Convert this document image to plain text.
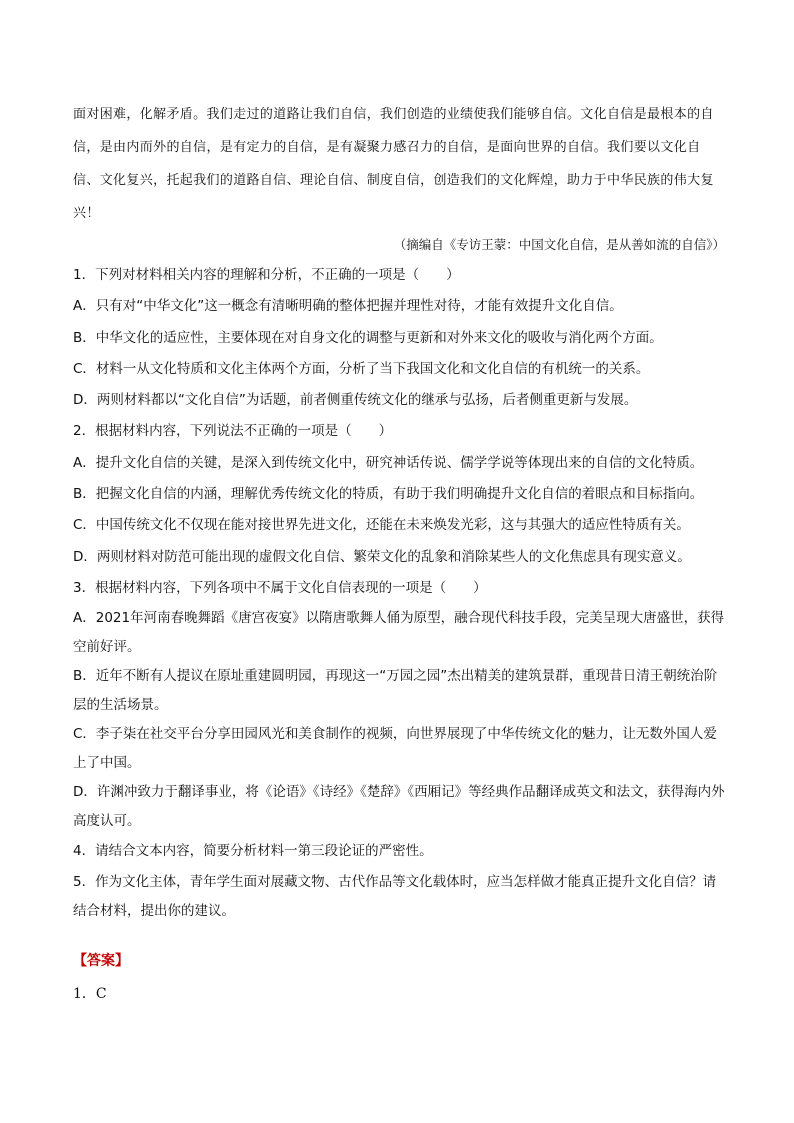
面对困难，化解矛盾。我们走过的道路让我们自信，我们创造的业绩使我们能够自信。文化自信是最根本的自信，是由内而外的自信，是有定力的自信，是有凝聚力感召力的自信，是面向世界的自信。我们要以文化自信、文化复兴，托起我们的道路自信、理论自信、制度自信，创造我们的文化辉煌，助力于中华民族的伟大复兴！

（摘编自《专访王蒙：中国文化自信，是从善如流的自信》）

1．下列对材料相关内容的理解和分析，不正确的一项是（　　）

A．只有对“中华文化”这一概念有清晰明确的整体把握并理性对待，才能有效提升文化自信。

B．中华文化的适应性，主要体现在对自身文化的调整与更新和对外来文化的吸收与消化两个方面。

C．材料一从文化特质和文化主体两个方面，分析了当下我国文化和文化自信的有机统一的关系。

D．两则材料都以“文化自信”为话题，前者侧重传统文化的继承与弘扬，后者侧重更新与发展。

2．根据材料内容，下列说法不正确的一项是（　　）

A．提升文化自信的关键，是深入到传统文化中，研究神话传说、儒学学说等体现出来的自信的文化特质。

B．把握文化自信的内涵，理解优秀传统文化的特质，有助于我们明确提升文化自信的着眼点和目标指向。

C．中国传统文化不仅现在能对接世界先进文化，还能在未来焕发光彩，这与其强大的适应性特质有关。

D．两则材料对防范可能出现的虚假文化自信、繁荣文化的乱象和消除某些人的文化焦虑具有现实意义。

3．根据材料内容，下列各项中不属于文化自信表现的一项是（　　）

A．2021年河南春晚舞蹈《唐宫夜宴》以隋唐歌舞人俑为原型，融合现代科技手段，完美呈现大唐盛世，获得空前好评。

B．近年不断有人提议在原址重建圆明园，再现这一“万园之园”杰出精美的建筑景群，重现昔日清王朝统治阶层的生活场景。

C．李子柒在社交平台分享田园风光和美食制作的视频，向世界展现了中华传统文化的魅力，让无数外国人爱上了中国。

D．许渊冲致力于翻译事业，将《论语》《诗经》《楚辞》《西厢记》等经典作品翻译成英文和法文，获得海内外高度认可。

4．请结合文本内容，简要分析材料一第三段论证的严密性。

5．作为文化主体，青年学生面对展藏文物、古代作品等文化载体时，应当怎样做才能真正提升文化自信？请结合材料，提出你的建议。

【答案】

1．C
